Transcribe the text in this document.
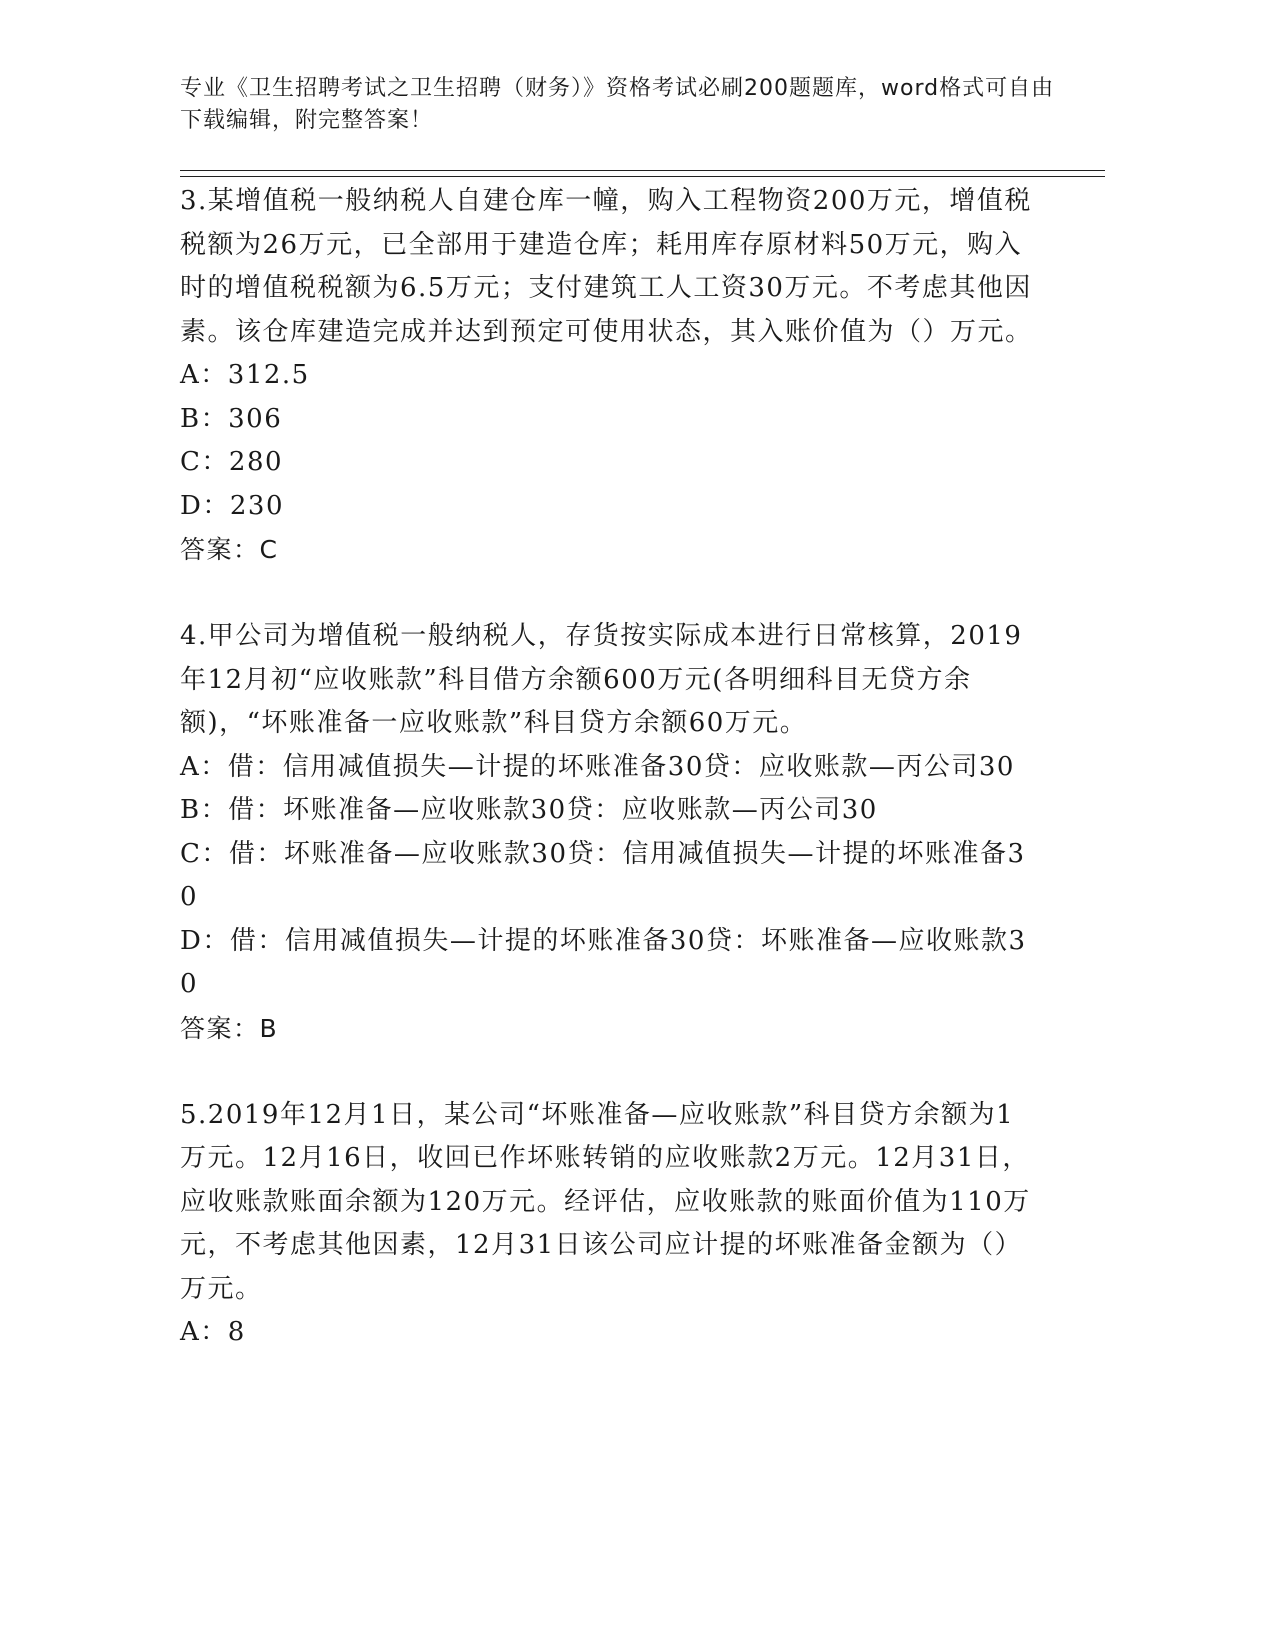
专业《卫生招聘考试之卫生招聘（财务）》资格考试必刷200题题库，word格式可自由下载编辑，附完整答案！

3.某增值税一般纳税人自建仓库一幢，购入工程物资200万元，增值税税额为26万元，已全部用于建造仓库；耗用库存原材料50万元，购入时的增值税税额为6.5万元；支付建筑工人工资30万元。不考虑其他因素。该仓库建造完成并达到预定可使用状态，其入账价值为（）万元。

A：312.5

B：306

C：280

D：230

答案：C

4.甲公司为增值税一般纳税人，存货按实际成本进行日常核算，2019年12月初“应收账款”科目借方余额600万元(各明细科目无贷方余额)，“坏账准备一应收账款”科目贷方余额60万元。

A：借：信用减值损失—计提的坏账准备30贷：应收账款—丙公司30

B：借：坏账准备—应收账款30贷：应收账款—丙公司30

C：借：坏账准备—应收账款30贷：信用减值损失—计提的坏账准备30

D：借：信用减值损失—计提的坏账准备30贷：坏账准备—应收账款30

答案：B

5.2019年12月1日，某公司“坏账准备—应收账款”科目贷方余额为1万元。12月16日，收回已作坏账转销的应收账款2万元。12月31日，应收账款账面余额为120万元。经评估，应收账款的账面价值为110万元，不考虑其他因素，12月31日该公司应计提的坏账准备金额为（）万元。

A：8
